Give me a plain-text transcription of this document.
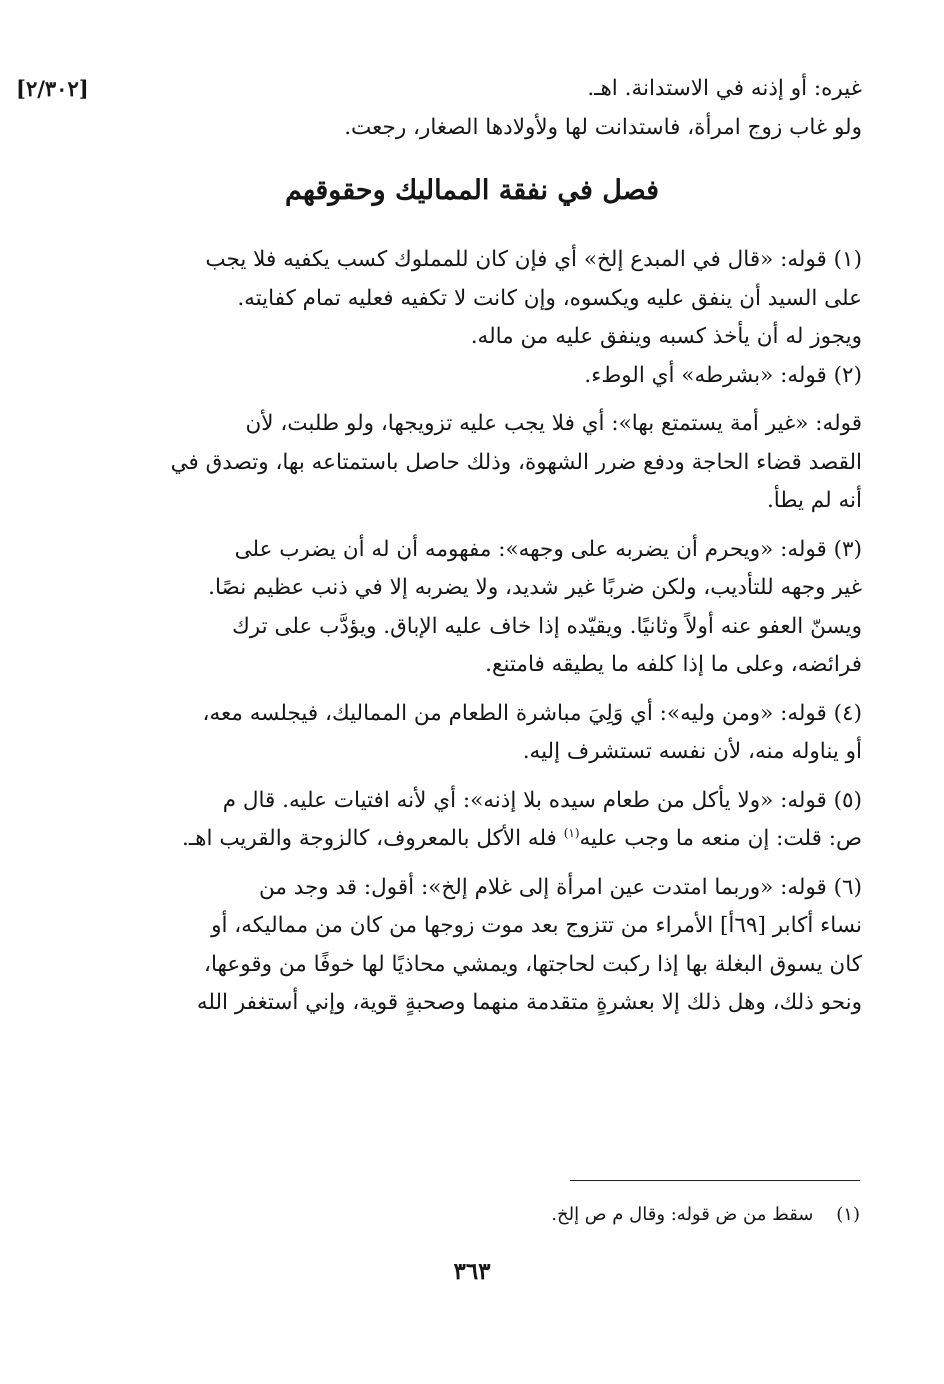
[٢/٣٠٢]	غيره: أو إذنه في الاستدانة. اهـ.
ولو غاب زوج امرأة، فاستدانت لها ولأولادها الصغار، رجعت.
فصل في نفقة المماليك وحقوقهم
(١) قوله: «قال في المبدع إلخ» أي فإن كان للمملوك كسب يكفيه فلا يجب
على السيد أن ينفق عليه ويكسوه، وإن كانت لا تكفيه فعليه تمام كفايته.
ويجوز له أن يأخذ كسبه وينفق عليه من ماله.
(٢) قوله: «بشرطه» أي الوطء.
قوله: «غير أمة يستمتع بها»: أي فلا يجب عليه تزويجها، ولو طلبت، لأن
القصد قضاء الحاجة ودفع ضرر الشهوة، وذلك حاصل باستمتاعه بها، وتصدق في
أنه لم يطأ.
(٣) قوله: «ويحرم أن يضربه على وجهه»: مفهومه أن له أن يضرب على
غير وجهه للتأديب، ولكن ضربًا غير شديد، ولا يضربه إلا في ذنب عظيم نصًا.
ويسنّ العفو عنه أولاً وثانيًا. ويقيّده إذا خاف عليه الإباق. ويؤدَّب على ترك
فرائضه، وعلى ما إذا كلفه ما يطيقه فامتنع.
(٤) قوله: «ومن وليه»: أي وَلِيَ مباشرة الطعام من المماليك، فيجلسه معه،
أو يناوله منه، لأن نفسه تستشرف إليه.
(٥) قوله: «ولا يأكل من طعام سيده بلا إذنه»: أي لأنه افتيات عليه. قال م
ص: قلت: إن منعه ما وجب عليه$^{(١)}$ فله الأكل بالمعروف، كالزوجة والقريب اهـ.
(٦) قوله: «وربما امتدت عين امرأة إلى غلام إلخ»: أقول: قد وجد من
نساء أكابر [٦٩أ] الأمراء من تتزوج بعد موت زوجها من كان من مماليكه، أو
كان يسوق البغلة بها إذا ركبت لحاجتها، ويمشي محاذيًا لها خوفًا من وقوعها،
ونحو ذلك، وهل ذلك إلا بعشرةٍ متقدمة منهما وصحبةٍ قوية، وإني أستغفر الله
(١)    سقط من ض قوله: وقال م ص إلخ.
٣٦٣
